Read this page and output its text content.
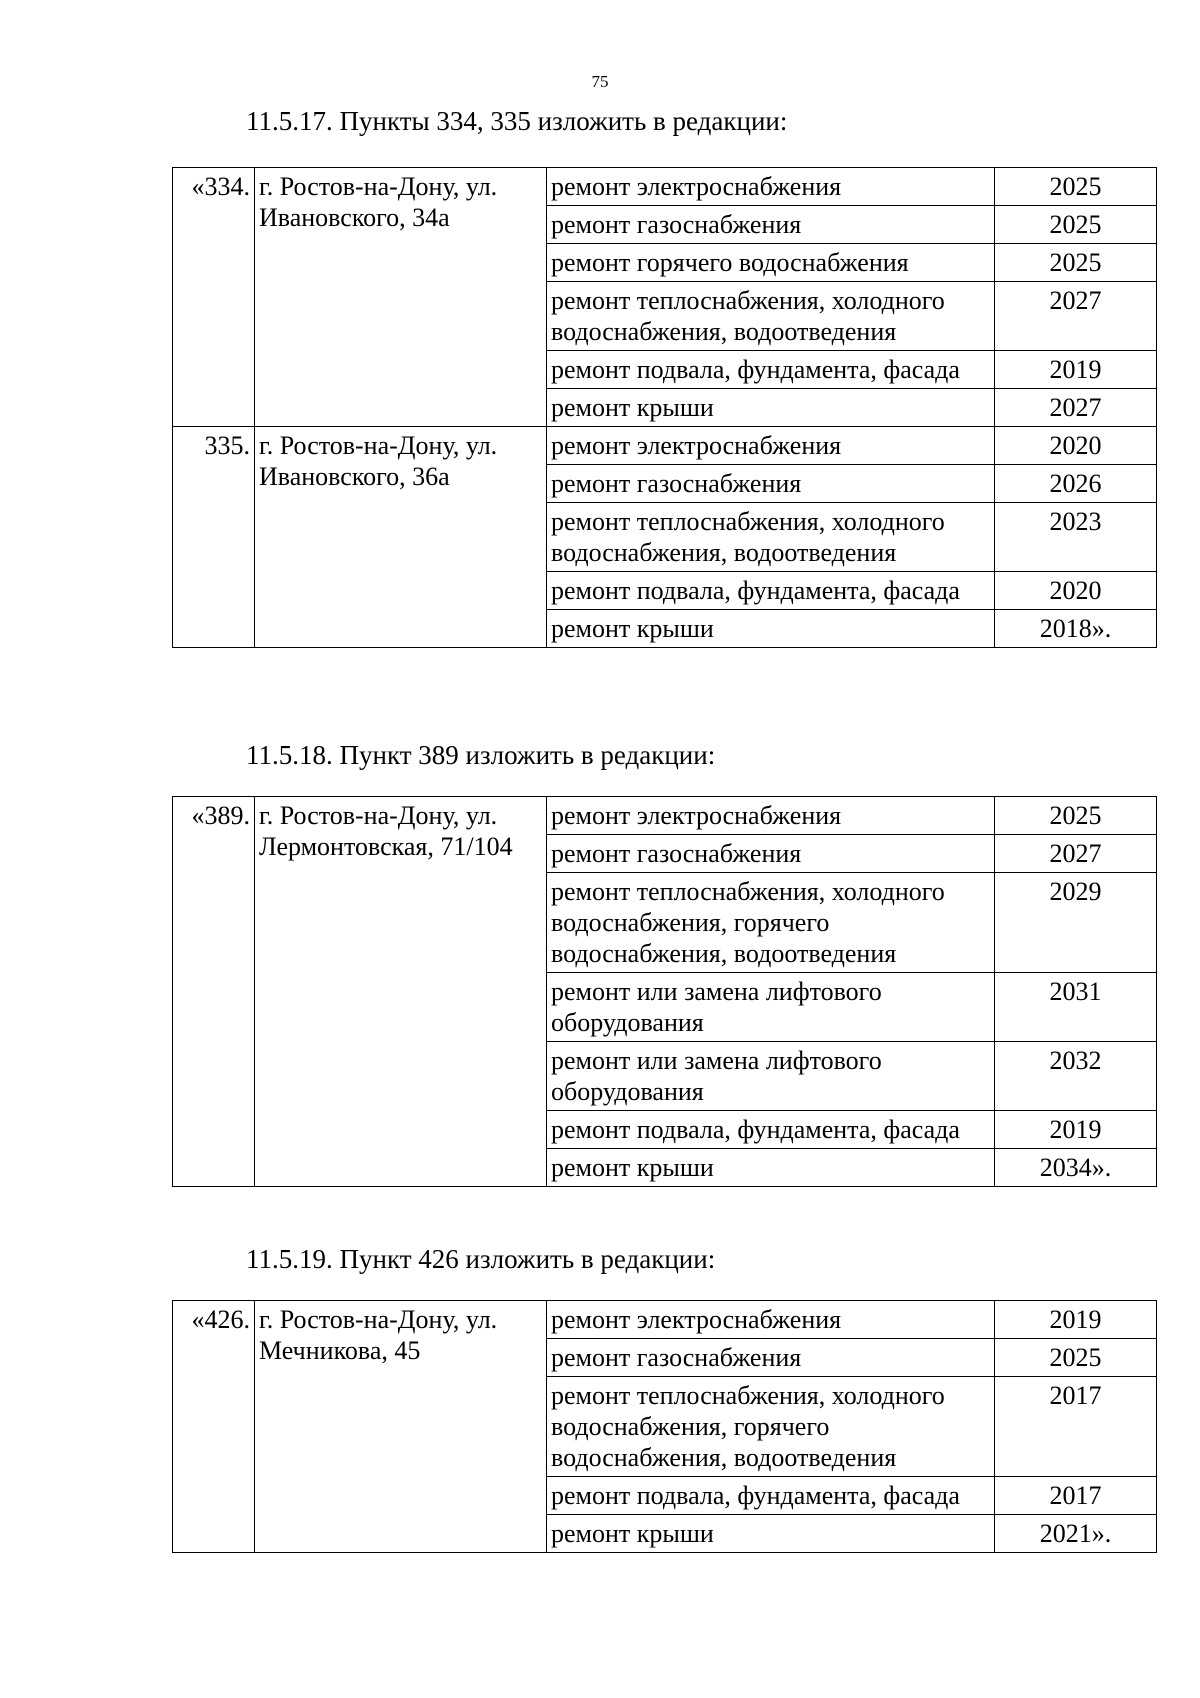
75
11.5.17. Пункты 334, 335 изложить в редакции:
«334.	г. Ростов-на-Дону, ул. Ивановского, 34а	ремонт электроснабжения	2025
		ремонт газоснабжения	2025
		ремонт горячего водоснабжения	2025
		ремонт теплоснабжения, холодного водоснабжения, водоотведения	2027
		ремонт подвала, фундамента, фасада	2019
		ремонт крыши	2027
335.	г. Ростов-на-Дону, ул. Ивановского, 36а	ремонт электроснабжения	2020
		ремонт газоснабжения	2026
		ремонт теплоснабжения, холодного водоснабжения, водоотведения	2023
		ремонт подвала, фундамента, фасада	2020
		ремонт крыши	2018».
11.5.18. Пункт 389 изложить в редакции:
«389.	г. Ростов-на-Дону, ул. Лермонтовская, 71/104	ремонт электроснабжения	2025
		ремонт газоснабжения	2027
		ремонт теплоснабжения, холодного водоснабжения, горячего водоснабжения, водоотведения	2029
		ремонт или замена лифтового оборудования	2031
		ремонт или замена лифтового оборудования	2032
		ремонт подвала, фундамента, фасада	2019
		ремонт крыши	2034».
11.5.19. Пункт 426 изложить в редакции:
«426.	г. Ростов-на-Дону, ул. Мечникова, 45	ремонт электроснабжения	2019
		ремонт газоснабжения	2025
		ремонт теплоснабжения, холодного водоснабжения, горячего водоснабжения, водоотведения	2017
		ремонт подвала, фундамента, фасада	2017
		ремонт крыши	2021».
